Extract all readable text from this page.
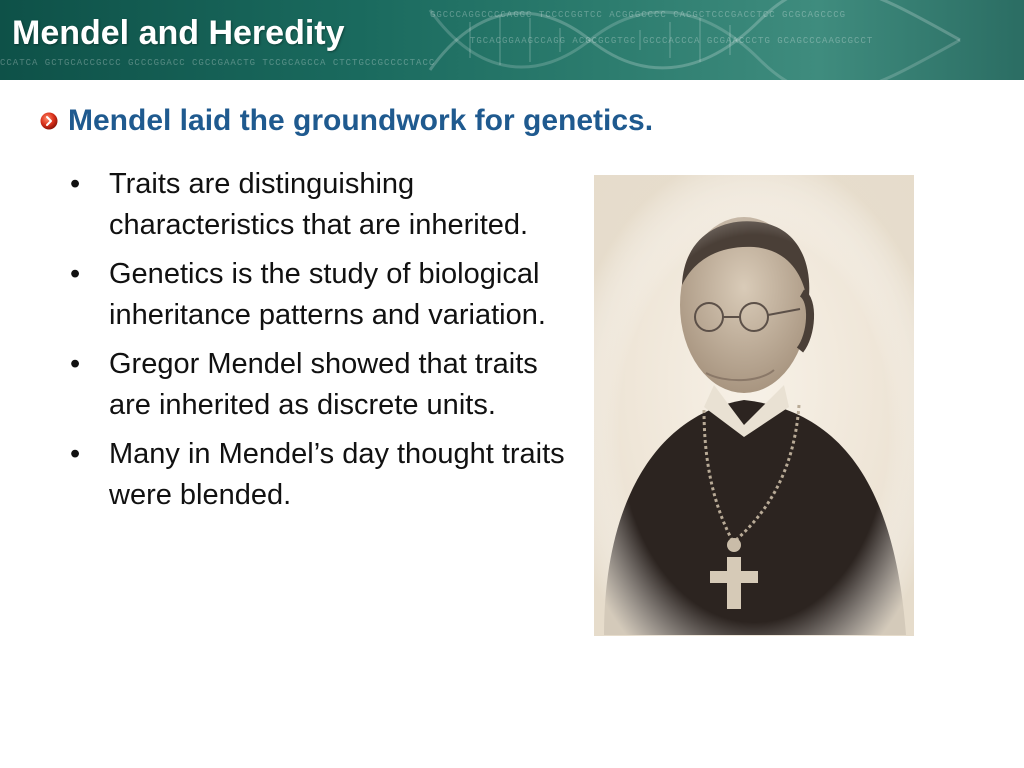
GGCCCAGGCCCCAGGC TCCCCGGTCC ACGGGCCCC CACGCTCCCGACCTCC GCGCAGCCCG
TGCACGGAAGCCAGG ACGCGCGTGC GCCCACCCA GCGAACCCTG GCAGCCCAAGCGCCT
CCATCA GCTGCACCGCCC GCCCGGACC CGCCGAACTG TCCGCAGCCA CTCTGCCGCCCCTACC
Mendel and Heredity
Mendel laid the groundwork for genetics.
• Traits are distinguishing characteristics that are inherited.
• Genetics is the study of biological inheritance patterns and variation.
• Gregor Mendel showed that traits are inherited as discrete units.
• Many in Mendel’s day thought traits were blended.
